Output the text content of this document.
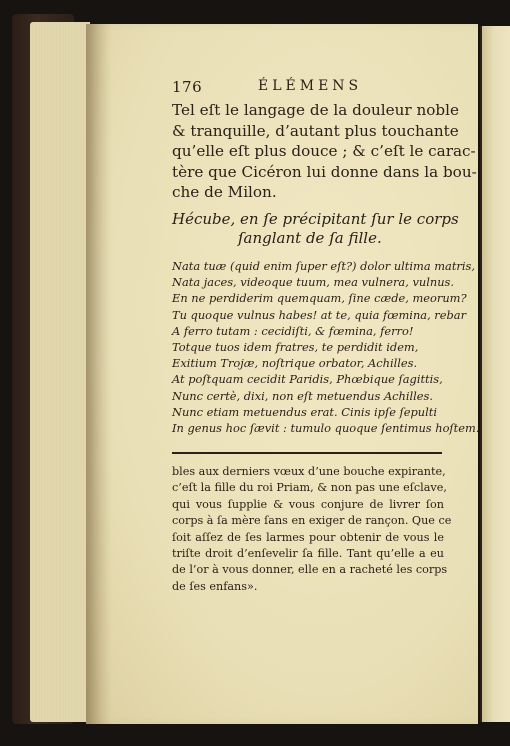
176	ÉLÉMENS
Tel eſt le langage de la douleur noble
& tranquille, d’autant plus touchante
qu’elle eſt plus douce ; & c’eſt le carac-
tère que Cicéron lui donne dans la bou-
che de Milon.
Hécube, en ſe précipitant ſur le corps
ſanglant de ſa fille.
Nata tuæ (quid enim ſuper eſt?) dolor ultima matris,
Nata jaces, videoque tuum, mea vulnera, vulnus.
En ne perdiderim quemquam, ſine cæde, meorum?
Tu quoque vulnus habes! at te, quia fœmina, rebar
A ferro tutam : cecidiſti, & fœmina, ferro!
Totque tuos idem fratres, te perdidit idem,
Exitium Trojæ, noſtrique orbator, Achilles.
At poſtquam cecidit Paridis, Phœbique ſagittis,
Nunc certè, dixi, non eſt metuendus Achilles.
Nunc etiam metuendus erat. Cinis ipſe ſepulti
In genus hoc ſævit : tumulo quoque ſentimus hoſtem.
bles aux derniers vœux d’une bouche expirante,
c’eſt la fille du roi Priam, & non pas une eſclave,
qui vous ſupplie & vous conjure de livrer ſon
corps à ſa mère ſans en exiger de rançon. Que ce
ſoit aſſez de ſes larmes pour obtenir de vous le
triſte droit d’enſevelir ſa fille. Tant qu’elle a eu
de l’or à vous donner, elle en a racheté les corps
de ſes enfans».
